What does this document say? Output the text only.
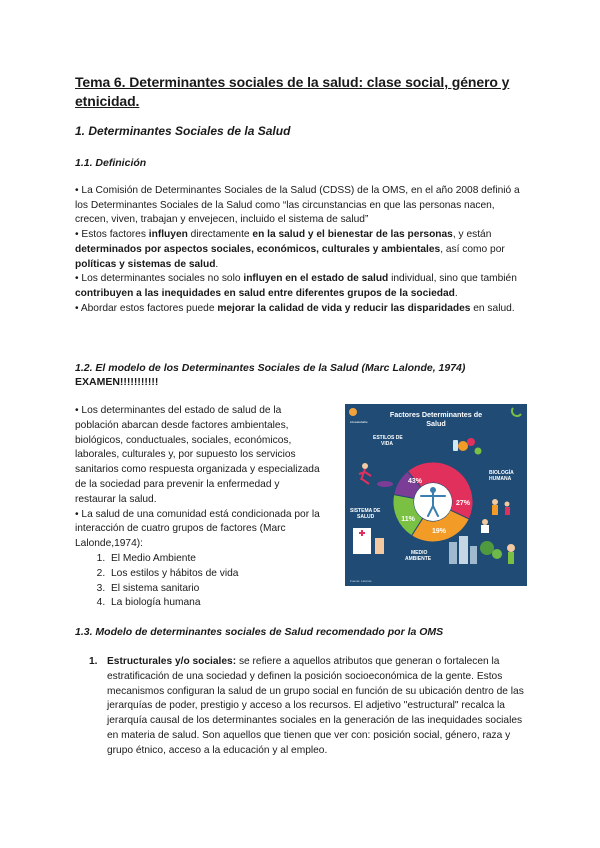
Tema 6. Determinantes sociales de la salud: clase social, género y etnicidad.
1. Determinantes Sociales de la Salud
1.1. Definición

• La Comisión de Determinantes Sociales de la Salud (CDSS) de la OMS, en el año 2008 definió a los Determinantes Sociales de la Salud como “las circunstancias en que las personas nacen, crecen, viven, trabajan y envejecen, incluido el sistema de salud”

• Estos factores influyen directamente en la salud y el bienestar de las personas, y están determinados por aspectos sociales, económicos, culturales y ambientales, así como por políticas y sistemas de salud.

• Los determinantes sociales no solo influyen en el estado de salud individual, sino que también contribuyen a las inequidades en salud entre diferentes grupos de la sociedad.

• Abordar estos factores puede mejorar la calidad de vida y reducir las disparidades en salud.

1.2. El modelo de los Determinantes Sociales de la Salud (Marc Lalonde, 1974)
EXAMEN!!!!!!!!!!!

• Los determinantes del estado de salud de la población abarcan desde factores ambientales, biológicos, conductuales, sociales, económicos, laborales, culturales y, por supuesto los servicios sanitarios como respuesta organizada y especializada de la sociedad para prevenir la enfermedad y restaurar la salud.

• La salud de una comunidad está condicionada por la interacción de cuatro grupos de factores (Marc Lalonde,1974):

1. El Medio Ambiente
2. Los estilos y hábitos de vida
3. El sistema sanitario
4. La biología humana
infosaludable
Factores Determinantes de
Salud
43%
27%
19%
11%
ESTILOS DE VIDA
BIOLOGÍA HUMANA
SISTEMA DE SALUD
MEDIO AMBIENTE
Fuente: Lalonde
1.3. Modelo de determinantes sociales de Salud recomendado por la OMS
1. Estructurales y/o sociales: se refiere a aquellos atributos que generan o fortalecen la estratificación de una sociedad y definen la posición socioeconómica de la gente. Estos mecanismos configuran la salud de un grupo social en función de su ubicación dentro de las jerarquías de poder, prestigio y acceso a los recursos. El adjetivo "estructural" recalca la jerarquía causal de los determinantes sociales en la generación de las inequidades sociales en materia de salud. Son aquellos que tienen que ver con: posición social, género, raza y grupo étnico, acceso a la educación y al empleo.
